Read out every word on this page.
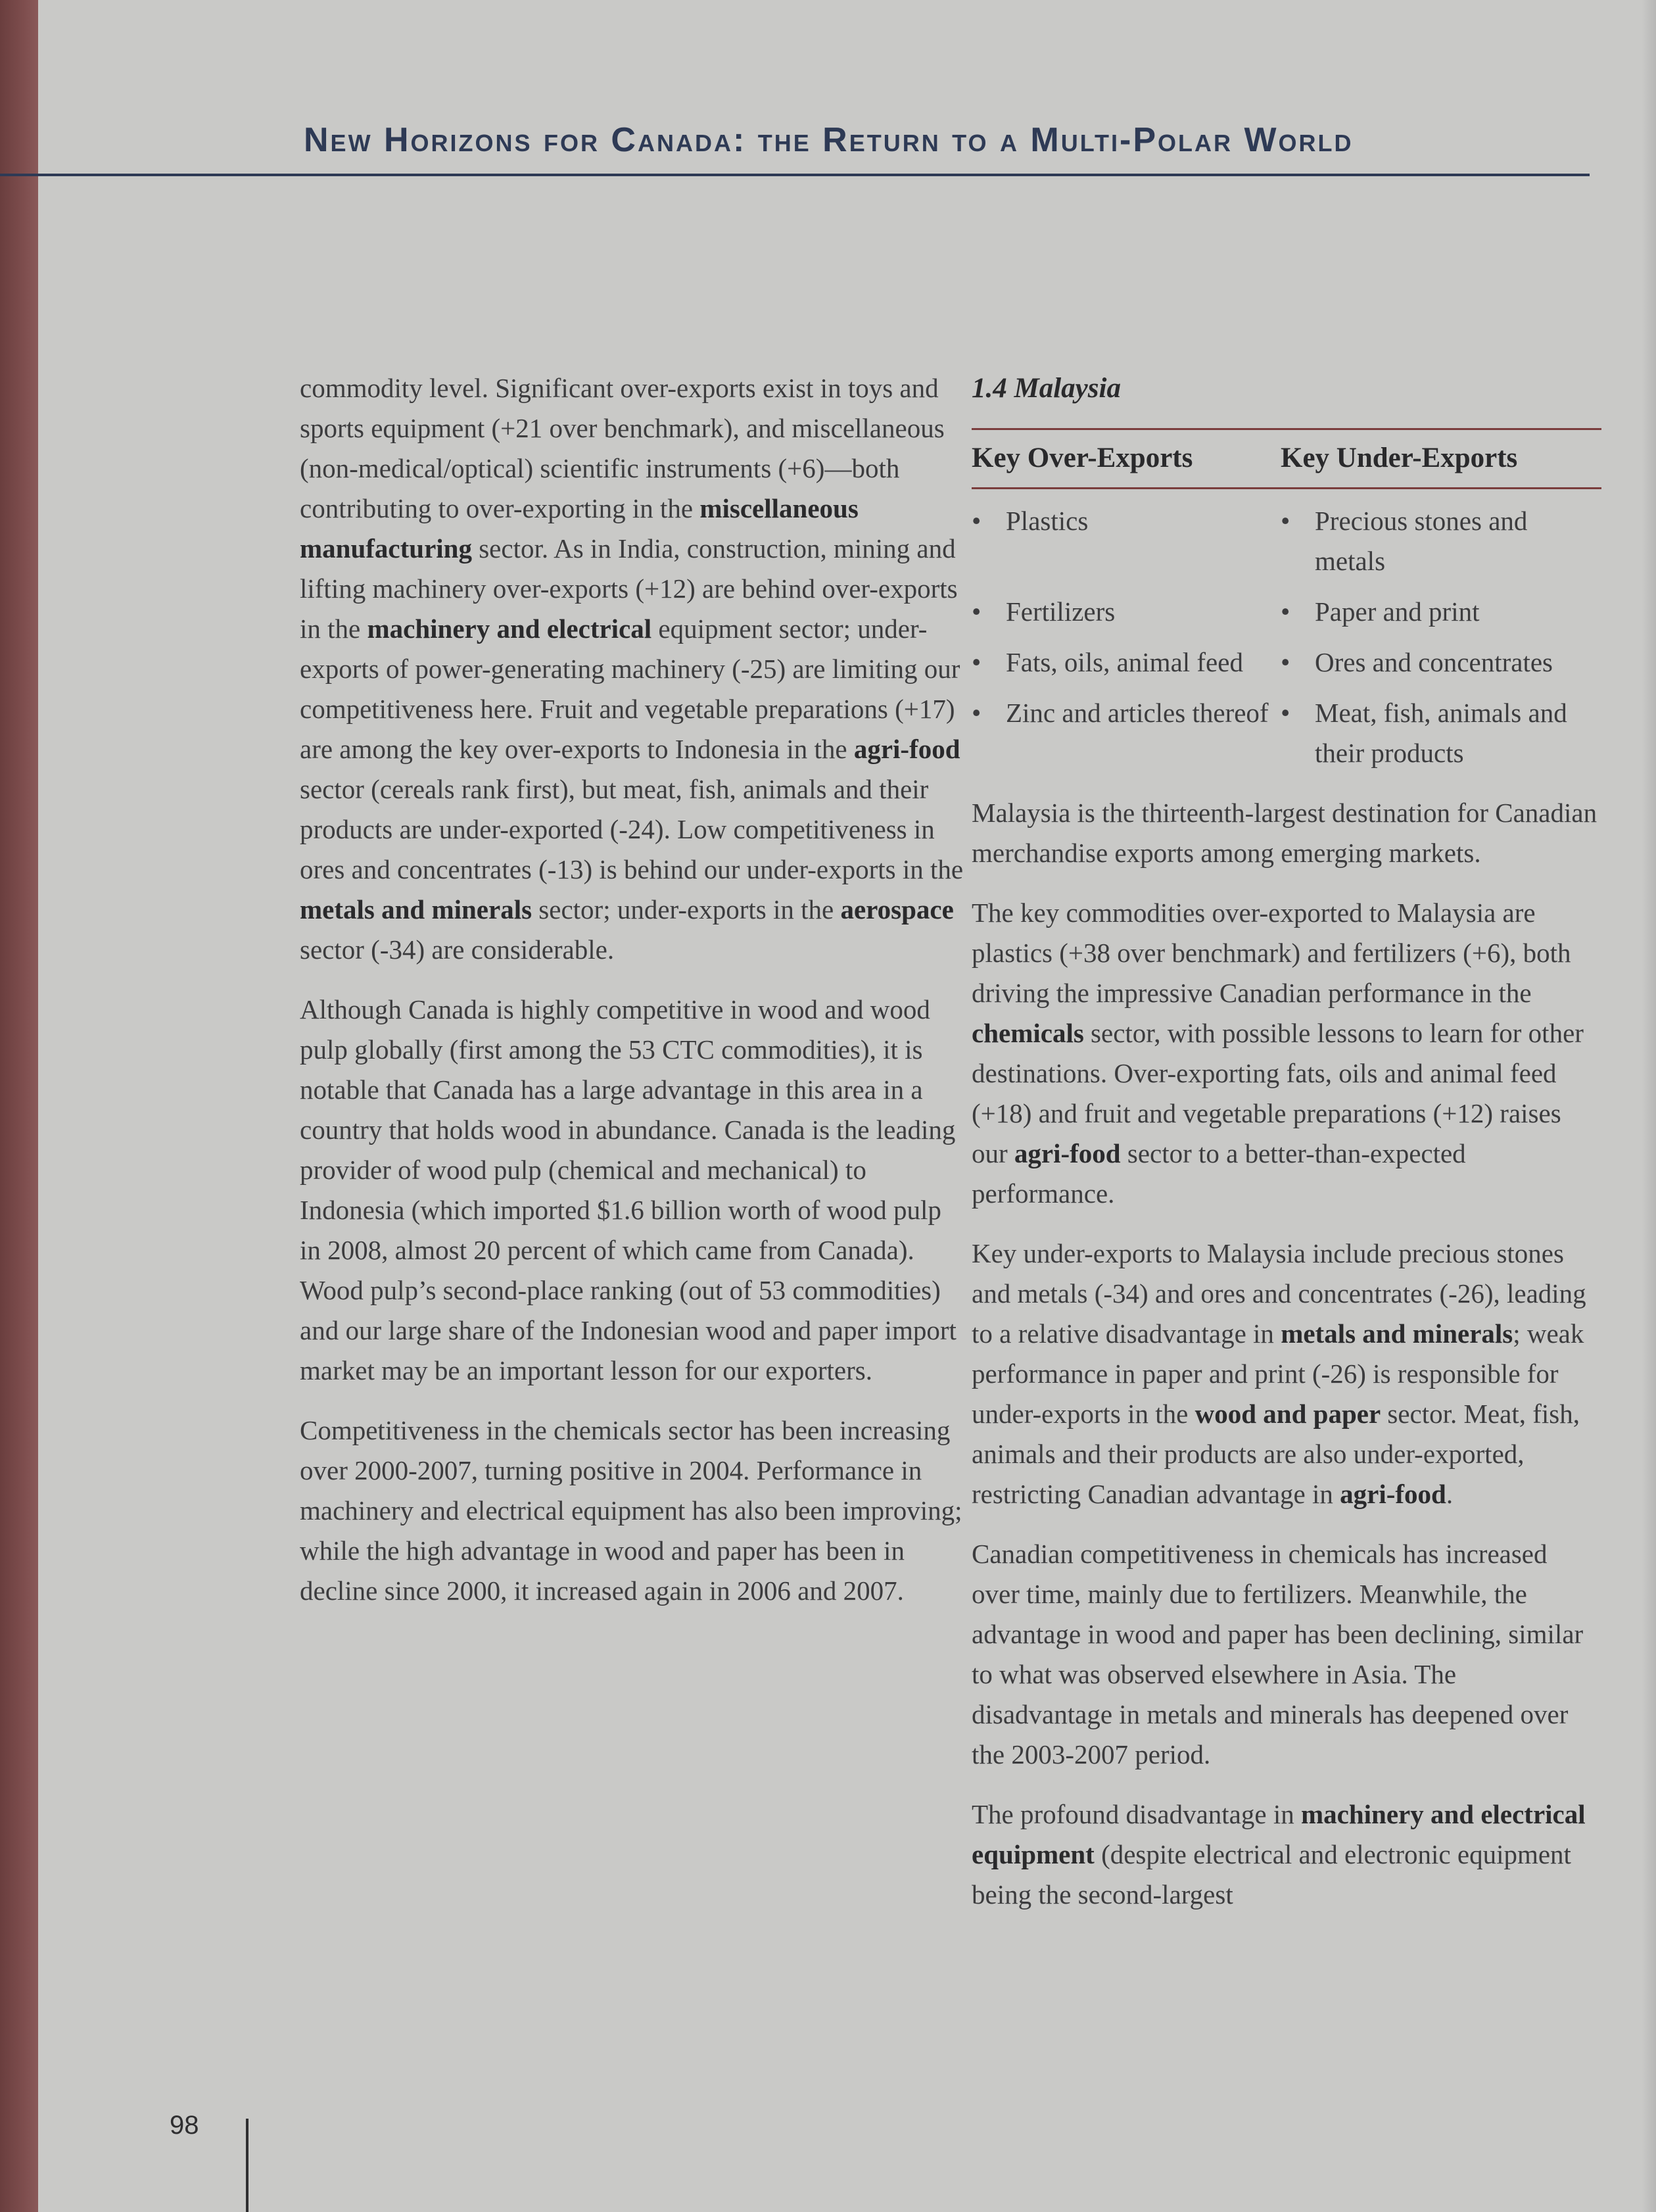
New Horizons for Canada: the Return to a Multi-Polar World

commodity level. Significant over-exports exist in toys and sports equipment (+21 over benchmark), and miscellaneous (non-medical/optical) scientific instruments (+6)—both contributing to over-exporting in the miscellaneous manufacturing sector. As in India, construction, mining and lifting machinery over-exports (+12) are behind over-exports in the machinery and electrical equipment sector; under-exports of power-generating machinery (-25) are limiting our competitiveness here. Fruit and vegetable preparations (+17) are among the key over-exports to Indonesia in the agri-food sector (cereals rank first), but meat, fish, animals and their products are under-exported (-24). Low competitiveness in ores and concentrates (-13) is behind our under-exports in the metals and minerals sector; under-exports in the aerospace sector (-34) are considerable.

Although Canada is highly competitive in wood and wood pulp globally (first among the 53 CTC commodities), it is notable that Canada has a large advantage in this area in a country that holds wood in abundance. Canada is the leading provider of wood pulp (chemical and mechanical) to Indonesia (which imported $1.6 billion worth of wood pulp in 2008, almost 20 percent of which came from Canada). Wood pulp’s second-place ranking (out of 53 commodities) and our large share of the Indonesian wood and paper import market may be an important lesson for our exporters.

Competitiveness in the chemicals sector has been increasing over 2000-2007, turning positive in 2004. Performance in machinery and electrical equipment has also been improving; while the high advantage in wood and paper has been in decline since 2000, it increased again in 2006 and 2007.

1.4 Malaysia
Key Over-Exports	Key Under-Exports
• Plastics	• Precious stones and metals
• Fertilizers	• Paper and print
• Fats, oils, animal feed	• Ores and concentrates
• Zinc and articles thereof • Meat, fish, animals and their products

Malaysia is the thirteenth-largest destination for Canadian merchandise exports among emerging markets.

The key commodities over-exported to Malaysia are plastics (+38 over benchmark) and fertilizers (+6), both driving the impressive Canadian performance in the chemicals sector, with possible lessons to learn for other destinations. Over-exporting fats, oils and animal feed (+18) and fruit and vegetable preparations (+12) raises our agri-food sector to a better-than-expected performance.

Key under-exports to Malaysia include precious stones and metals (-34) and ores and concentrates (-26), leading to a relative disadvantage in metals and minerals; weak performance in paper and print (-26) is responsible for under-exports in the wood and paper sector. Meat, fish, animals and their products are also under-exported, restricting Canadian advantage in agri-food.

Canadian competitiveness in chemicals has increased over time, mainly due to fertilizers. Meanwhile, the advantage in wood and paper has been declining, similar to what was observed elsewhere in Asia. The disadvantage in metals and minerals has deepened over the 2003-2007 period.

The profound disadvantage in machinery and electrical equipment (despite electrical and electronic equipment being the second-largest

98
